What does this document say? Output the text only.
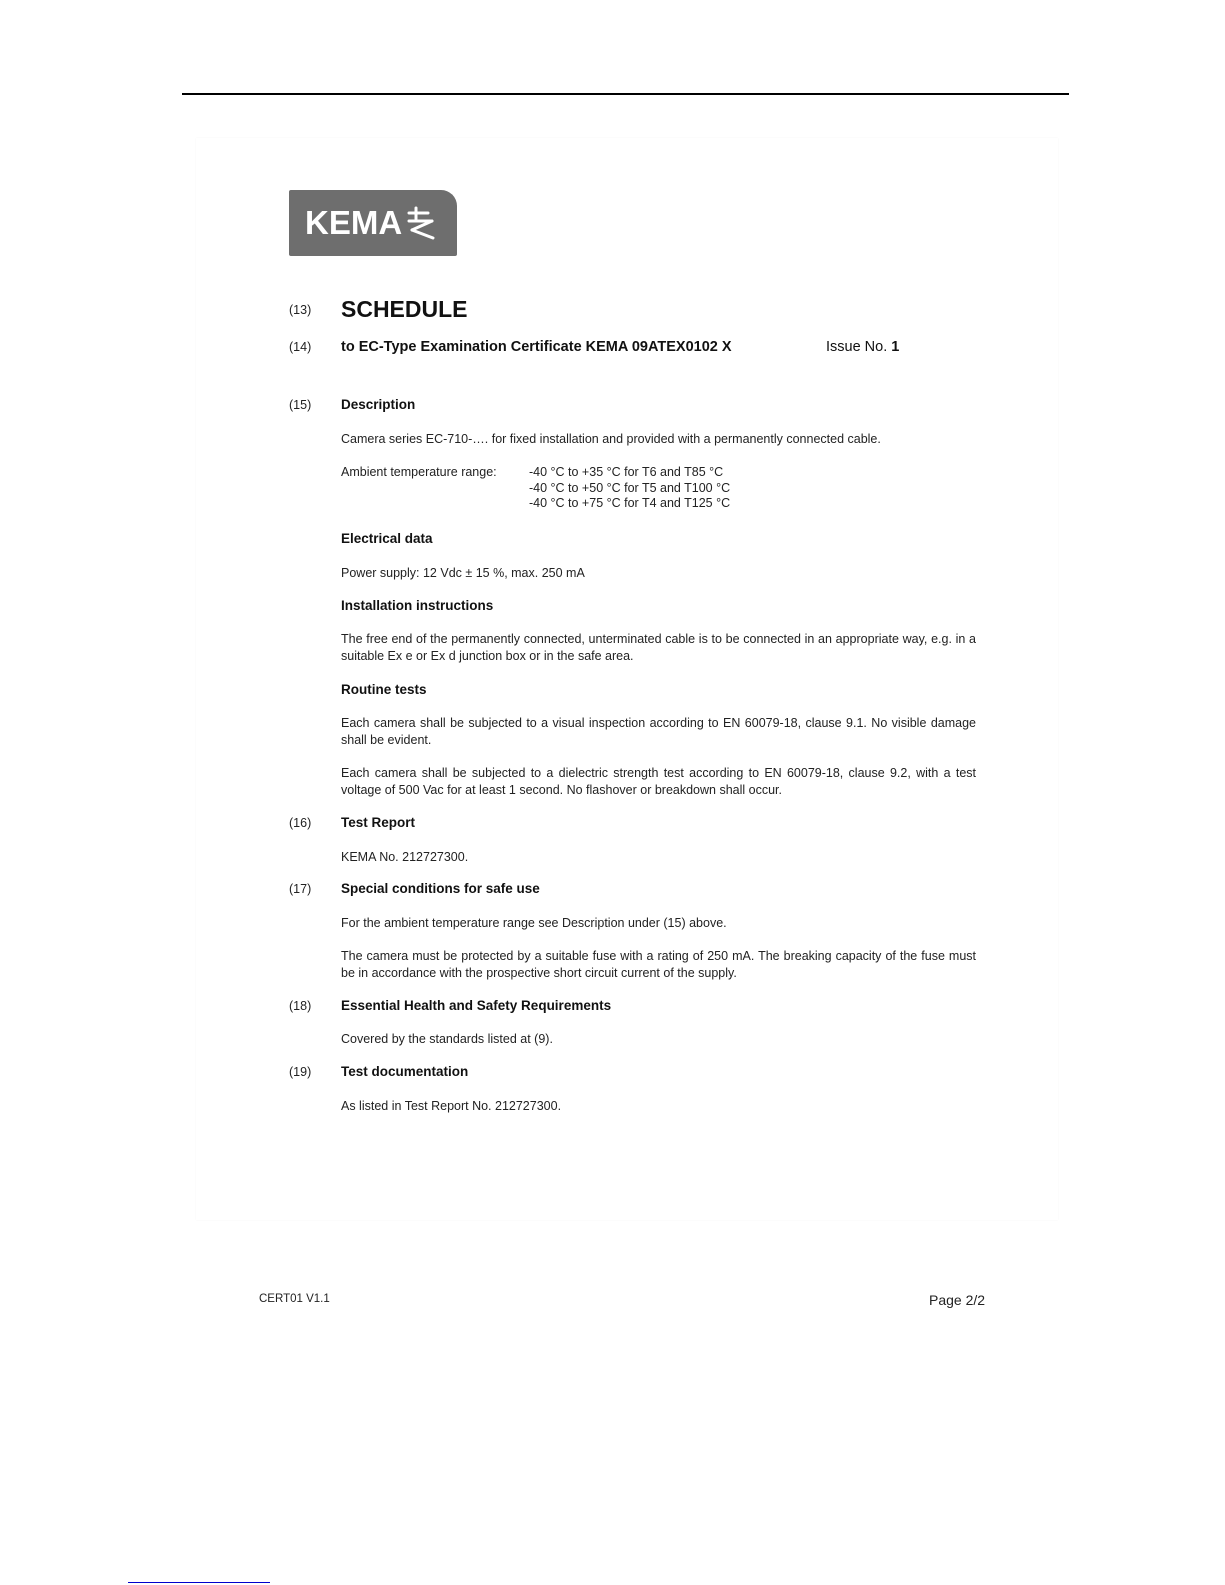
KEMA
(13) SCHEDULE
(14) to EC-Type Examination Certificate KEMA 09ATEX0102 X	Issue No. 1
(15) Description
Camera series EC-710-…. for fixed installation and provided with a permanently connected cable.
Ambient temperature range:	-40 °C to +35 °C for T6 and T85 °C
-40 °C to +50 °C for T5 and T100 °C
-40 °C to +75 °C for T4 and T125 °C
Electrical data
Power supply: 12 Vdc ± 15 %, max. 250 mA
Installation instructions
The free end of the permanently connected, unterminated cable is to be connected in an appropriate way, e.g. in a suitable Ex e or Ex d junction box or in the safe area.
Routine tests
Each camera shall be subjected to a visual inspection according to EN 60079-18, clause 9.1. No visible damage shall be evident.
Each camera shall be subjected to a dielectric strength test according to EN 60079-18, clause 9.2, with a test voltage of 500 Vac for at least 1 second. No flashover or breakdown shall occur.
(16) Test Report
KEMA No. 212727300.
(17) Special conditions for safe use
For the ambient temperature range see Description under (15) above.
The camera must be protected by a suitable fuse with a rating of 250 mA. The breaking capacity of the fuse must be in accordance with the prospective short circuit current of the supply.
(18) Essential Health and Safety Requirements
Covered by the standards listed at (9).
(19) Test documentation
As listed in Test Report No. 212727300.
CERT01 V1.1	Page 2/2
